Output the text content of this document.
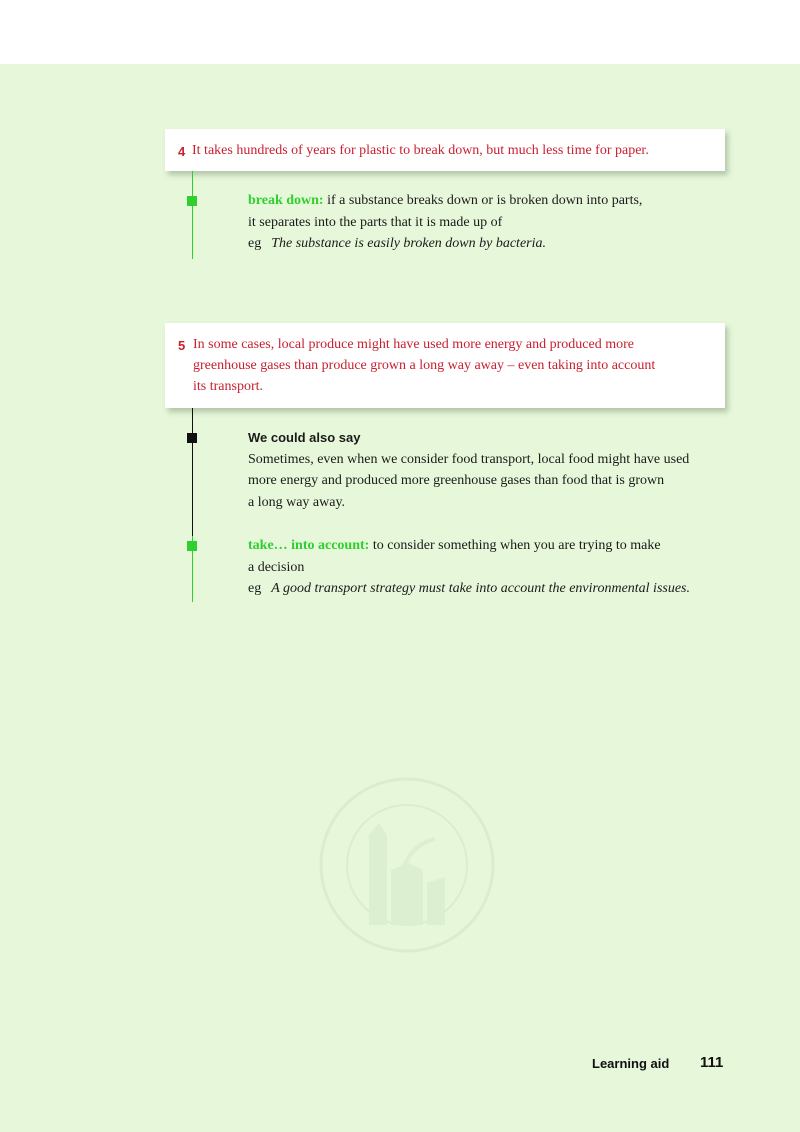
4 It takes hundreds of years for plastic to break down, but much less time for paper.
break down: if a substance breaks down or is broken down into parts,
it separates into the parts that it is made up of
eg The substance is easily broken down by bacteria.
5 In some cases, local produce might have used more energy and produced more
greenhouse gases than produce grown a long way away – even taking into account
its transport.
We could also say
Sometimes, even when we consider food transport, local food might have used
more energy and produced more greenhouse gases than food that is grown
a long way away.
take… into account: to consider something when you are trying to make
a decision
eg A good transport strategy must take into account the environmental issues.
Learning aid 111
